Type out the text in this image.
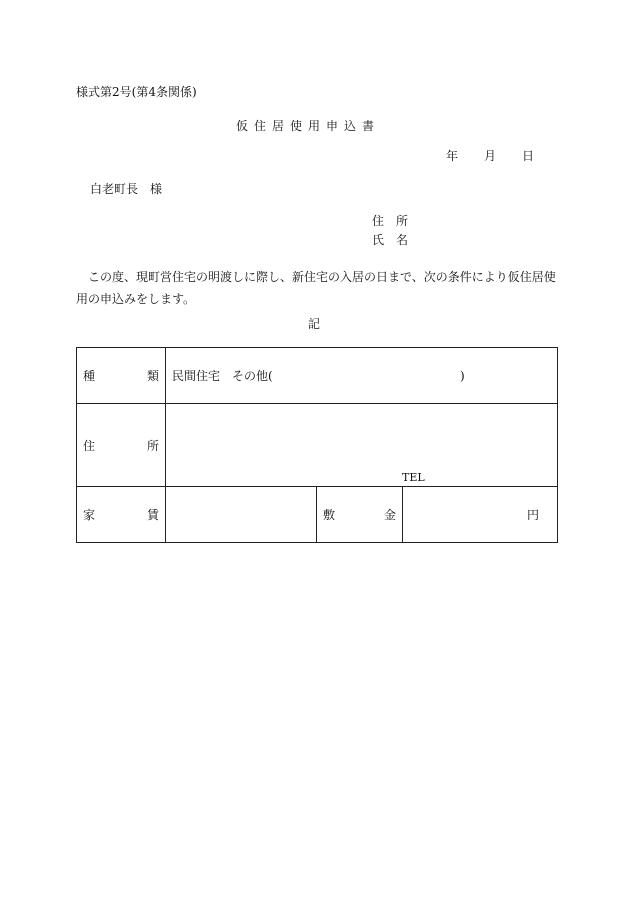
様式第2号(第4条関係)
仮住居使用申込書
年 月 日
白老町長　様
住　所
氏　名
この度、現町営住宅の明渡しに際し、新住宅の入居の日まで、次の条件により仮住居使用の申込みをします。
記
種 類	民間住宅　その他( )		

住 所	TEL		

家 賃		敷 金	円
